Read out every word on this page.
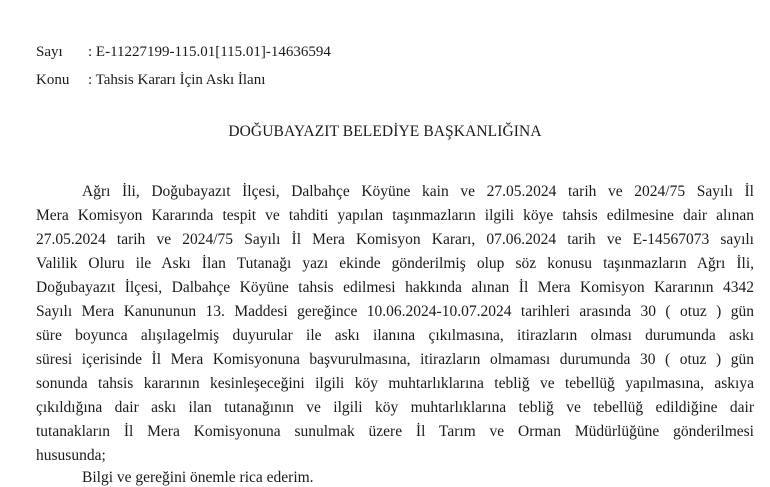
Sayı : E-11227199-115.01[115.01]-14636594
Konu : Tahsis Kararı İçin Askı İlanı
DOĞUBAYAZIT BELEDİYE BAŞKANLIĞINA
Ağrı İli, Doğubayazıt İlçesi, Dalbahçe Köyüne kain ve 27.05.2024 tarih ve 2024/75 Sayılı İl
Mera Komisyon Kararında tespit ve tahditi yapılan taşınmazların ilgili köye tahsis edilmesine dair alınan
27.05.2024 tarih ve 2024/75 Sayılı İl Mera Komisyon Kararı, 07.06.2024 tarih ve E-14567073 sayılı
Valilik Oluru ile Askı İlan Tutanağı yazı ekinde gönderilmiş olup söz konusu taşınmazların Ağrı İli,
Doğubayazıt İlçesi, Dalbahçe Köyüne tahsis edilmesi hakkında alınan İl Mera Komisyon Kararının 4342
Sayılı Mera Kanununun 13. Maddesi gereğince 10.06.2024-10.07.2024 tarihleri arasında 30 ( otuz ) gün
süre boyunca alışılagelmiş duyurular ile askı ilanına çıkılmasına, itirazların olması durumunda askı
süresi içerisinde İl Mera Komisyonuna başvurulmasına, itirazların olmaması durumunda 30 ( otuz ) gün
sonunda tahsis kararının kesinleşeceğini ilgili köy muhtarlıklarına tebliğ ve tebellüğ yapılmasına, askıya
çıkıldığına dair askı ilan tutanağının ve ilgili köy muhtarlıklarına tebliğ ve tebellüğ edildiğine dair
tutanakların İl Mera Komisyonuna sunulmak üzere İl Tarım ve Orman Müdürlüğüne gönderilmesi
hususunda;
Bilgi ve gereğini önemle rica ederim.
